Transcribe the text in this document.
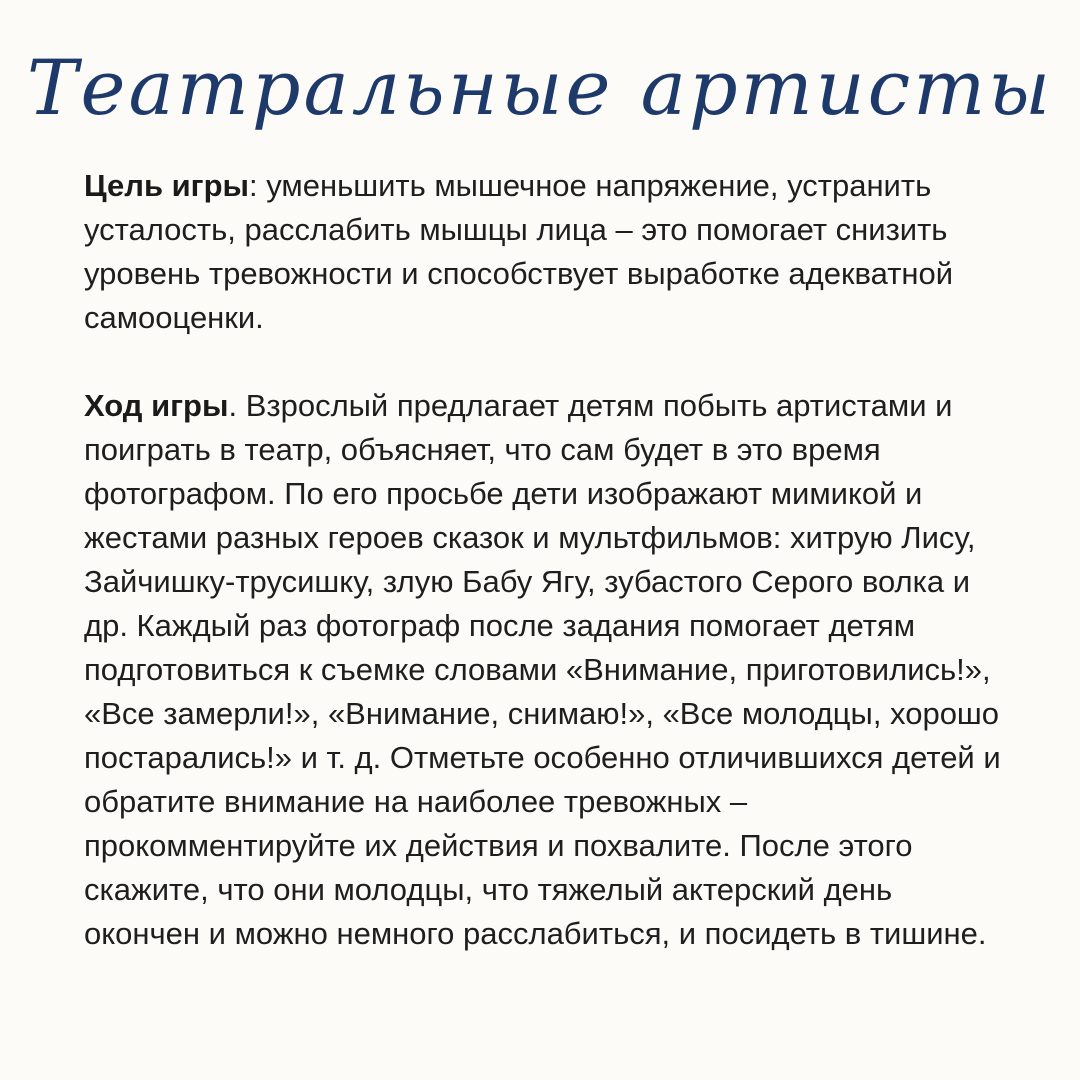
Театральные артисты

Цель игры: уменьшить мышечное напряжение, устранить усталость, расслабить мышцы лица – это помогает снизить уровень тревожности и способствует выработке адекватной самооценки.

Ход игры. Взрослый предлагает детям побыть артистами и поиграть в театр, объясняет, что сам будет в это время фотографом. По его просьбе дети изображают мимикой и жестами разных героев сказок и мультфильмов: хитрую Лису, Зайчишку-трусишку, злую Бабу Ягу, зубастого Серого волка и др. Каждый раз фотограф после задания помогает детям подготовиться к съемке словами «Внимание, приготовились!», «Все замерли!», «Внимание, снимаю!», «Все молодцы, хорошо постарались!» и т. д. Отметьте особенно отличившихся детей и обратите внимание на наиболее тревожных – прокомментируйте их действия и похвалите. После этого скажите, что они молодцы, что тяжелый актерский день окончен и можно немного расслабиться, и посидеть в тишине.
